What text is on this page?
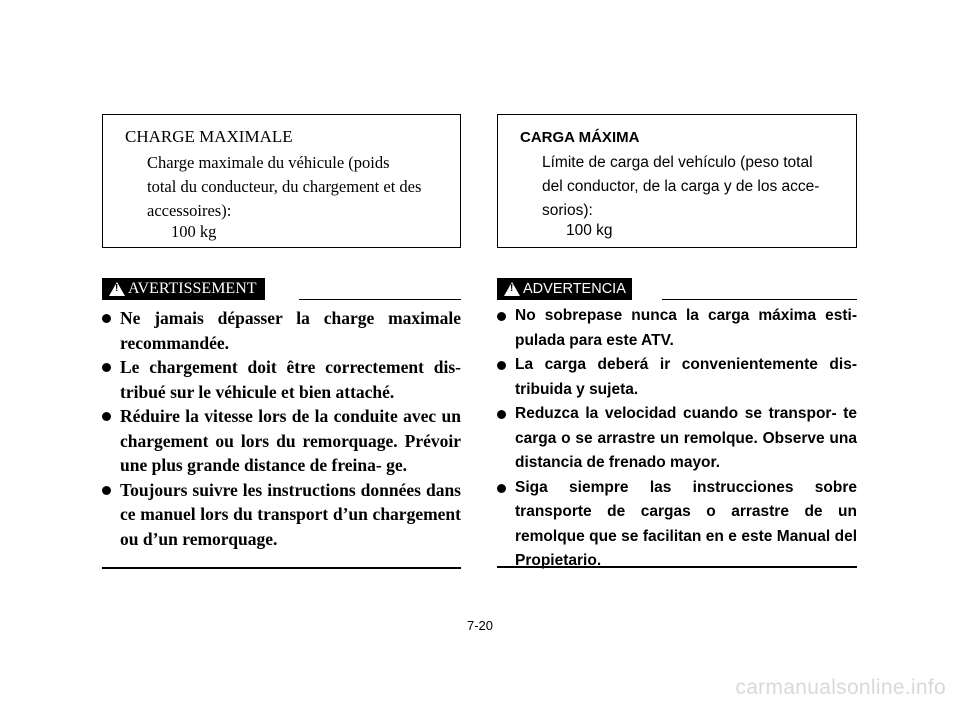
CHARGE MAXIMALE
Charge maximale du véhicule (poids
total du conducteur, du chargement et des
accessoires):
100 kg
CARGA MÁXIMA
Límite de carga del vehículo (peso total
del conductor, de la carga y de los acce-
sorios):
100 kg
!
AVERTISSEMENT
!	ADVERTENCIA
Ne jamais dépasser la charge maximale recommandée.
Le chargement doit être correctement dis- tribué sur le véhicule et bien attaché.
Réduire la vitesse lors de la conduite avec un chargement ou lors du remorquage. Prévoir une plus grande distance de freina- ge.
Toujours suivre les instructions données dans ce manuel lors du transport d’un chargement ou d’un remorquage.
No sobrepase nunca la carga máxima esti- pulada para este ATV.
La carga deberá ir convenientemente dis- tribuida y sujeta.
Reduzca la velocidad cuando se transpor- te carga o se arrastre un remolque. Observe una distancia de frenado mayor.
Siga siempre las instrucciones sobre transporte de cargas o arrastre de un remolque que se facilitan en e este Manual del Propietario.
7-20
carmanualsonline.info
